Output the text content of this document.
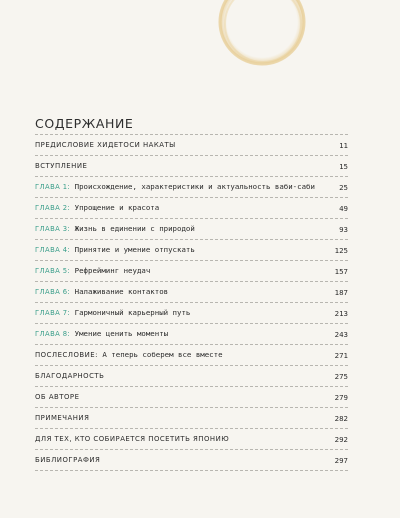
СОДЕРЖАНИЕ
ПРЕДИСЛОВИЕ ХИДЕТОСИ НАКАТЫ	11
ВСТУПЛЕНИЕ	15
ГЛАВА 1: Происхождение, характеристики и актуальность ваби-саби	25
ГЛАВА 2: Упрощение и красота	49
ГЛАВА 3: Жизнь в единении с природой	93
ГЛАВА 4: Принятие и умение отпускать	125
ГЛАВА 5: Рефрейминг неудач	157
ГЛАВА 6: Налаживание контактов	187
ГЛАВА 7: Гармоничный карьерный путь	213
ГЛАВА 8: Умение ценить моменты	243
ПОСЛЕСЛОВИЕ: А теперь соберем все вместе	271
БЛАГОДАРНОСТЬ	275
ОБ АВТОРЕ	279
ПРИМЕЧАНИЯ	282
ДЛЯ ТЕХ, КТО СОБИРАЕТСЯ ПОСЕТИТЬ ЯПОНИЮ	292
БИБЛИОГРАФИЯ	297
